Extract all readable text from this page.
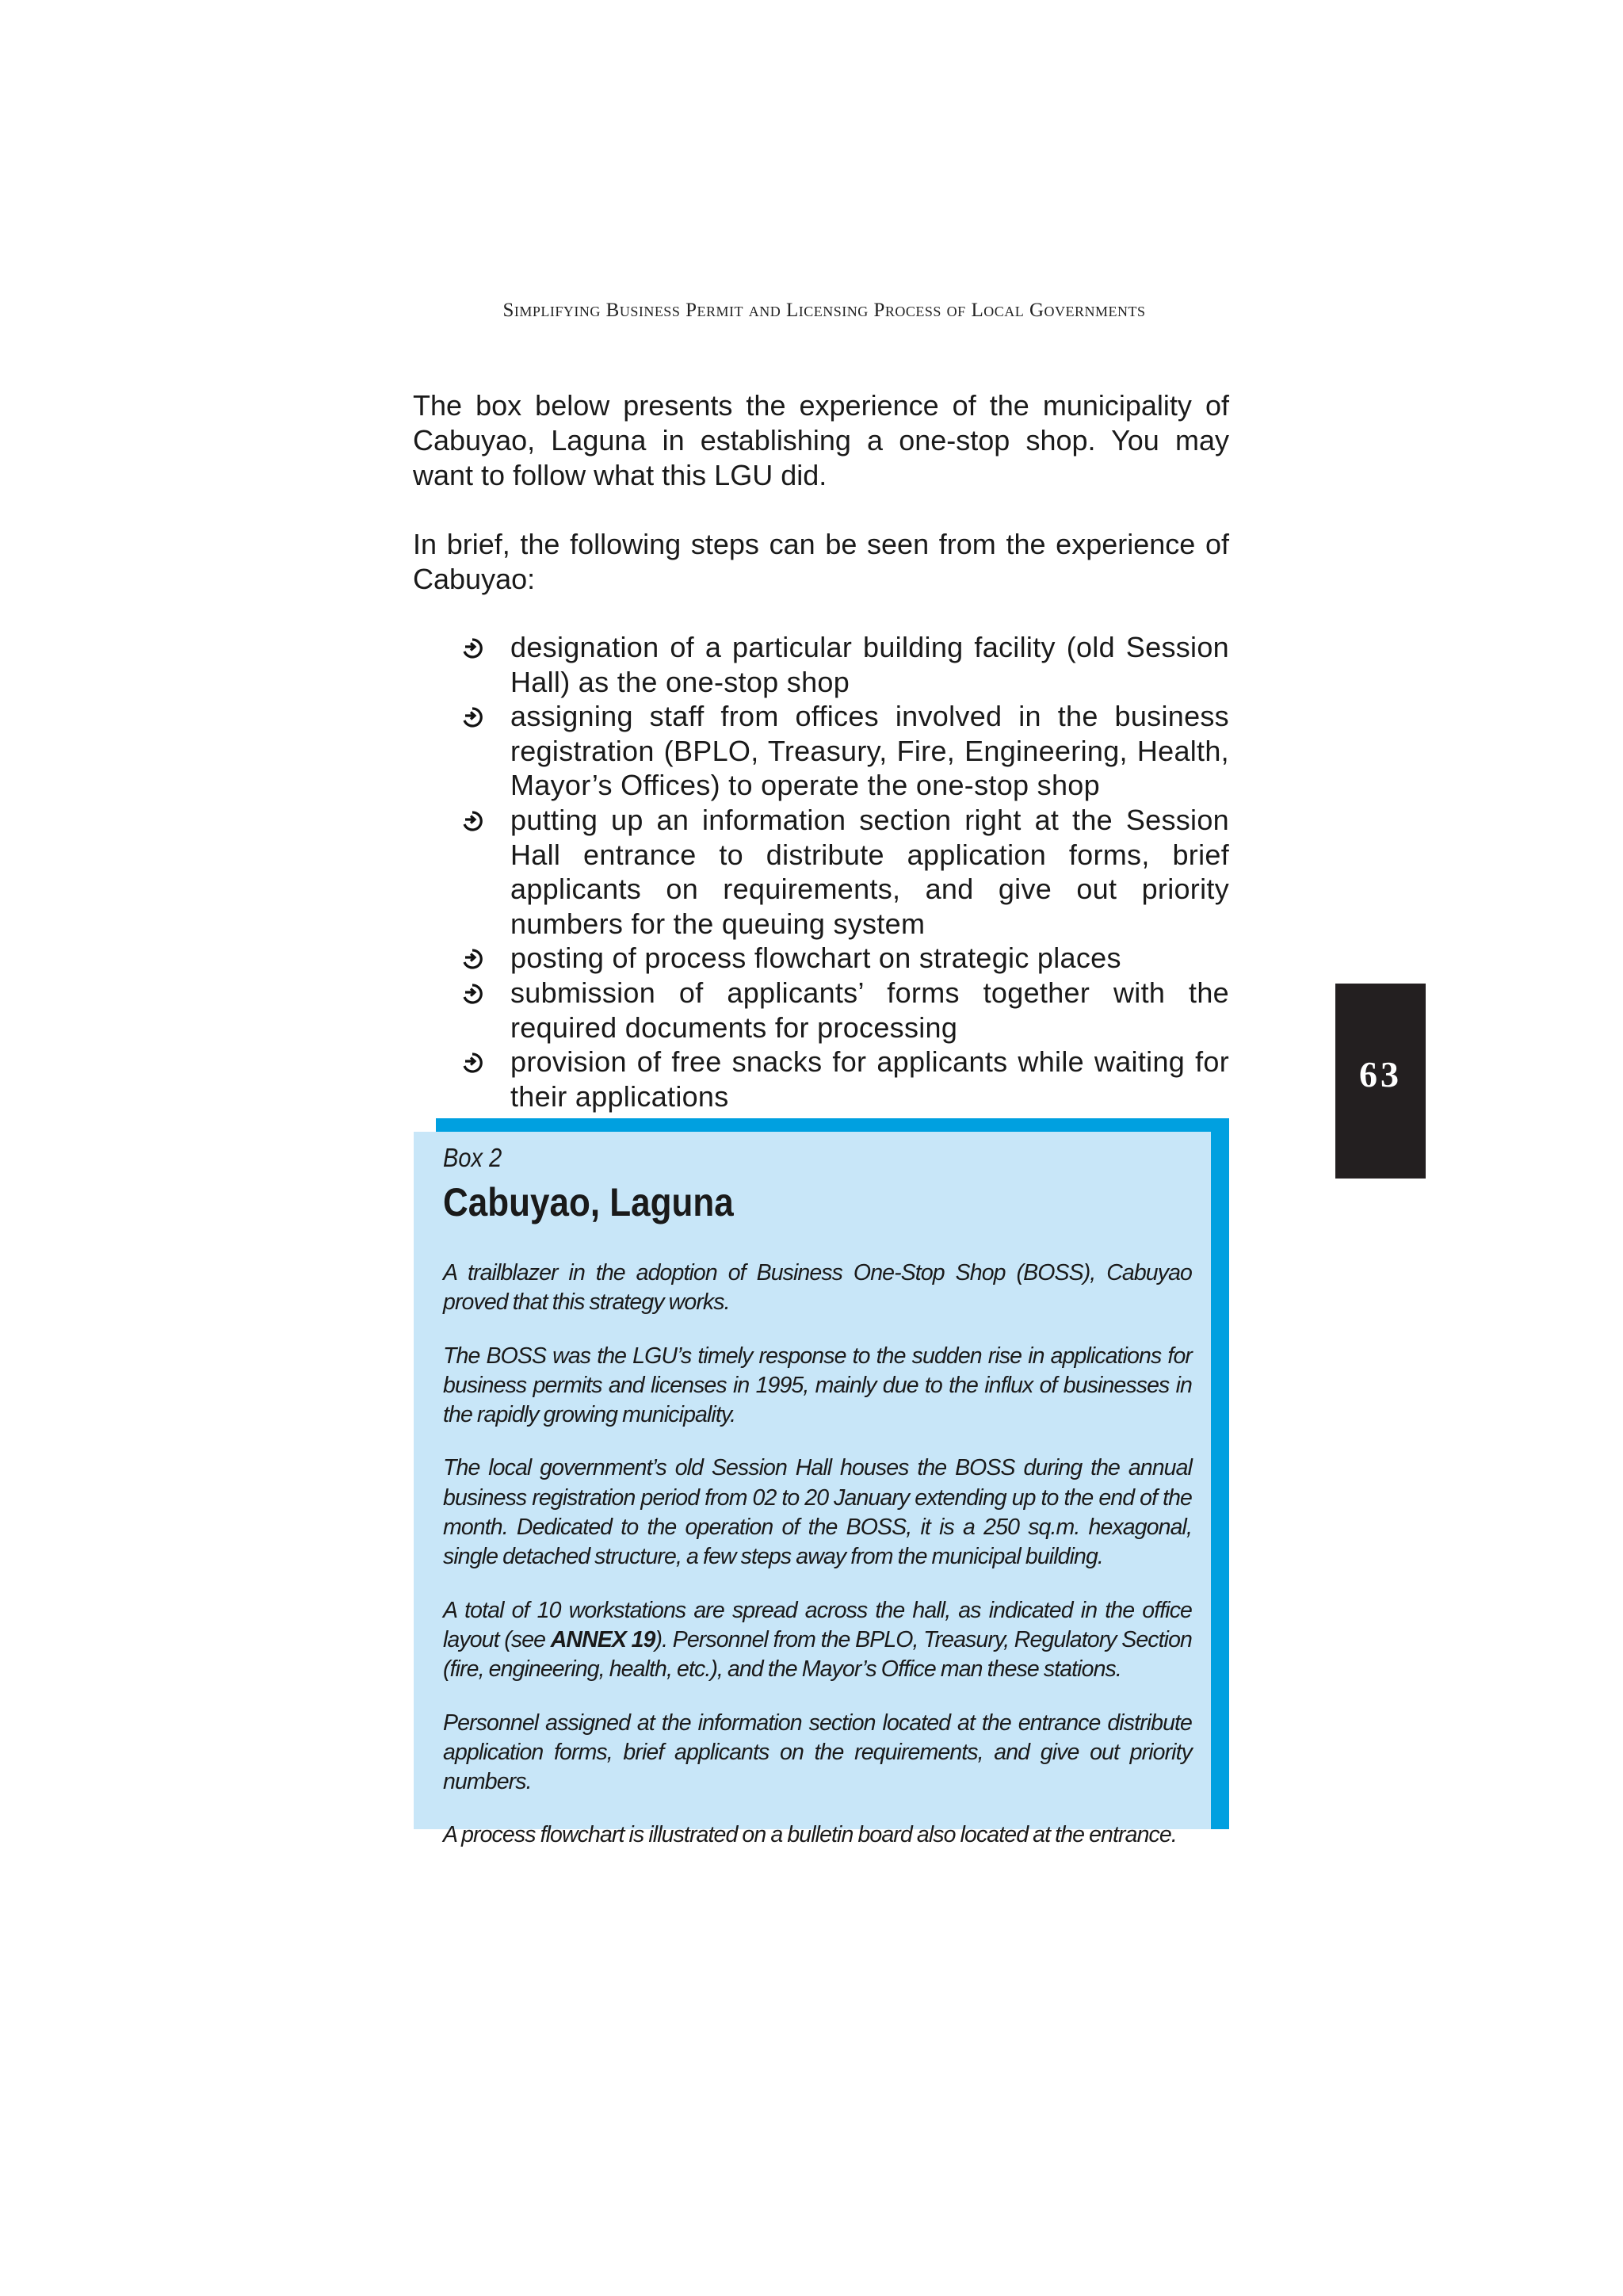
Simplifying Business Permit and Licensing Process of Local Governments

The box below presents the experience of the municipality of Cabuyao, Laguna in establishing a one-stop shop. You may want to follow what this LGU did.

In brief, the following steps can be seen from the experience of Cabuyao:

designation of a particular building facility (old Session Hall) as the one-stop shop
assigning staff from offices involved in the business registration (BPLO, Treasury, Fire, Engineering, Health, Mayor’s Offices) to operate the one-stop shop
putting up an information section right at the Session Hall entrance to distribute application forms, brief applicants on requirements, and give out priority numbers for the queuing system
posting of process flowchart on strategic places
submission of applicants’ forms together with the required documents for processing
provision of free snacks for applicants while waiting for their applications

Box 2

Cabuyao, Laguna

A trailblazer in the adoption of Business One-Stop Shop (BOSS), Cabuyao proved that this strategy works.

The BOSS was the LGU’s timely response to the sudden rise in applications for business permits and licenses in 1995, mainly due to the influx of businesses in the rapidly growing municipality.

The local government’s old Session Hall houses the BOSS during the annual business registration period from 02 to 20 January extending up to the end of the month. Dedicated to the operation of the BOSS, it is a 250 sq.m. hexagonal, single detached structure, a few steps away from the municipal building.

A total of 10 workstations are spread across the hall, as indicated in the office layout (see ANNEX 19). Personnel from the BPLO, Treasury, Regulatory Section (fire, engineering, health, etc.), and the Mayor’s Office man these stations.

Personnel assigned at the information section located at the entrance distribute application forms, brief applicants on the requirements, and give out priority numbers.

A process flowchart is illustrated on a bulletin board also located at the entrance.

63
